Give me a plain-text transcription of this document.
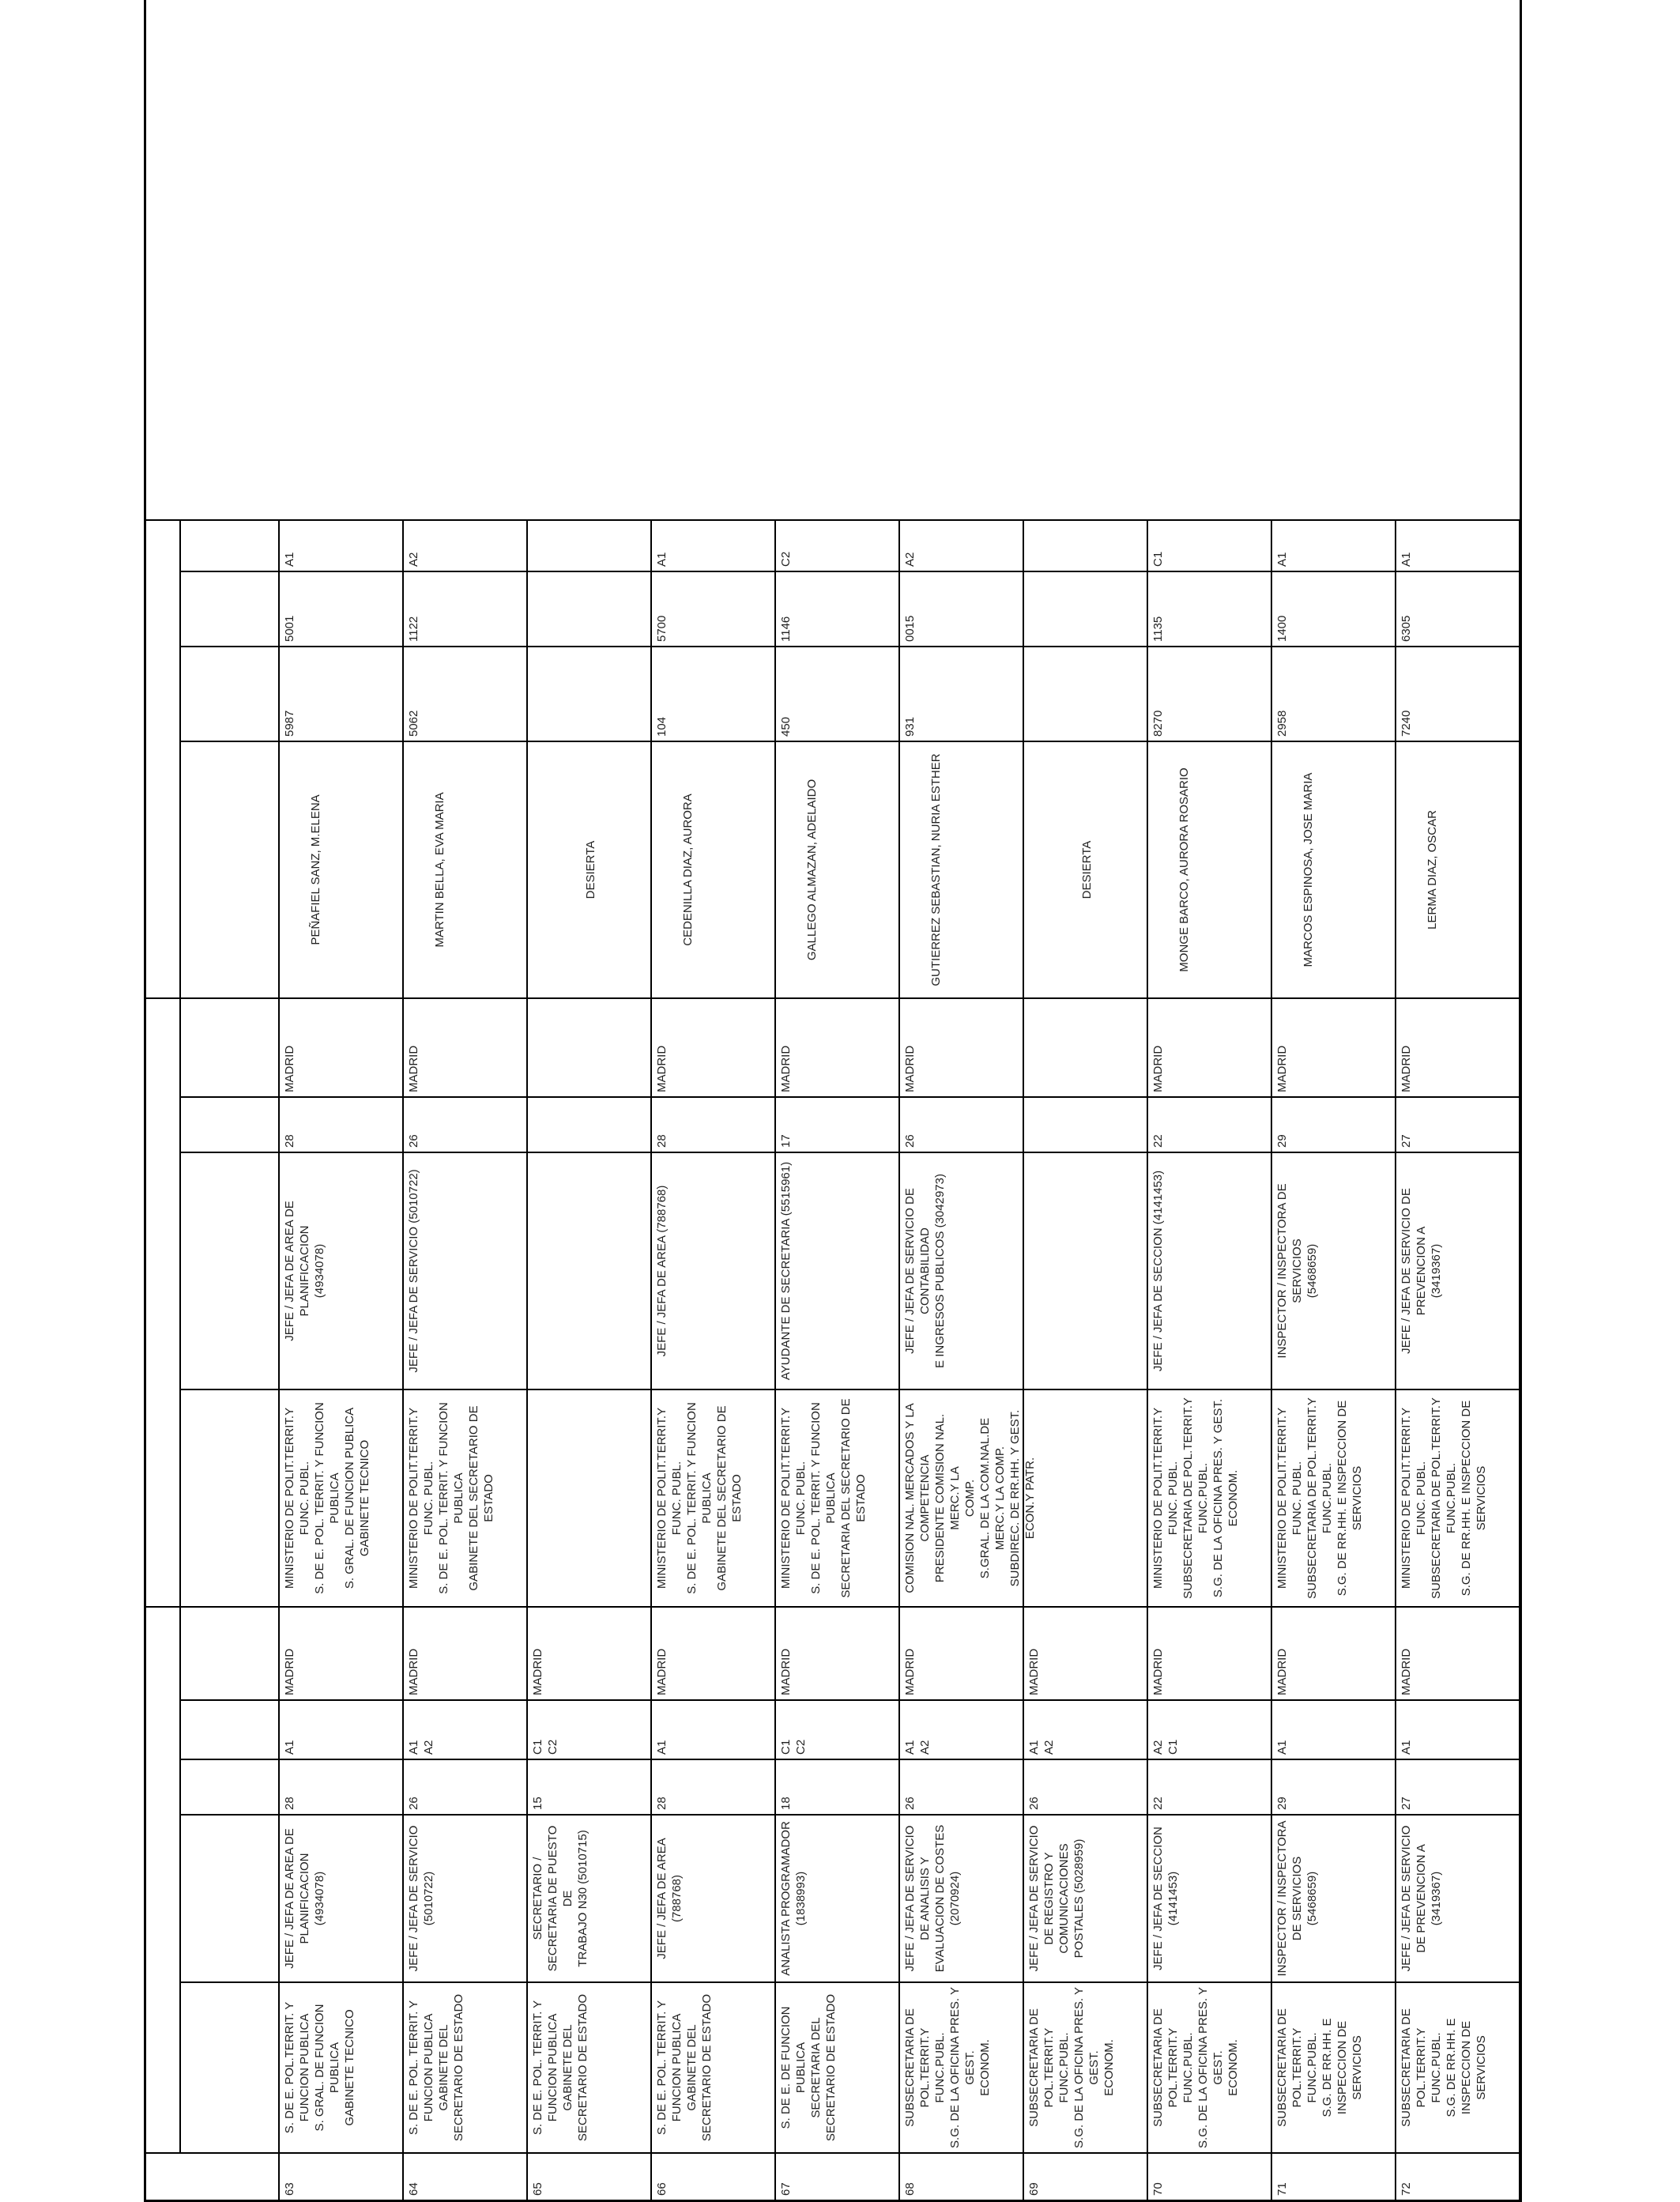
63
S. DE E. POL.TERRIT. Y FUNCION PUBLICA S. GRAL. DE FUNCION PUBLICA GABINETE TECNICO
JEFE / JEFA DE AREA DE PLANIFICACION (4934078)
28
A1
MADRID
MINISTERIO DE POLIT.TERRIT.Y FUNC. PUBL. S. DE E. POL. TERRIT. Y FUNCION PUBLICA S. GRAL. DE FUNCION PUBLICA GABINETE TECNICO
JEFE / JEFA DE AREA DE PLANIFICACION (4934078)
28
MADRID
PEÑAFIEL SANZ, M.ELENA
5987
5001
A1
64
S. DE E. POL. TERRIT. Y FUNCION PUBLICA GABINETE DEL SECRETARIO DE ESTADO
JEFE / JEFA DE SERVICIO (5010722)
26
A1 A2
MADRID
MINISTERIO DE POLIT.TERRIT.Y FUNC. PUBL. S. DE E. POL. TERRIT. Y FUNCION PUBLICA GABINETE DEL SECRETARIO DE ESTADO
JEFE / JEFA DE SERVICIO (5010722)
26
MADRID
MARTIN BELLA, EVA MARIA
5062
1122
A2
65
S. DE E. POL. TERRIT. Y FUNCION PUBLICA GABINETE DEL SECRETARIO DE ESTADO
SECRETARIO / SECRETARIA DE PUESTO DE TRABAJO N30 (5010715)
15
C1 C2
MADRID
DESIERTA
66
S. DE E. POL. TERRIT. Y FUNCION PUBLICA GABINETE DEL SECRETARIO DE ESTADO
JEFE / JEFA DE AREA (788768)
28
A1
MADRID
MINISTERIO DE POLIT.TERRIT.Y FUNC. PUBL. S. DE E. POL. TERRIT. Y FUNCION PUBLICA GABINETE DEL SECRETARIO DE ESTADO
JEFE / JEFA DE AREA (788768)
28
MADRID
CEDENILLA DIAZ, AURORA
104
5700
A1
67
S. DE E. DE FUNCION PUBLICA SECRETARIA DEL SECRETARIO DE ESTADO
ANALISTA PROGRAMADOR (1838993)
18
C1 C2
MADRID
MINISTERIO DE POLIT.TERRIT.Y FUNC. PUBL. S. DE E. POL. TERRIT. Y FUNCION PUBLICA SECRETARIA DEL SECRETARIO DE ESTADO
AYUDANTE DE SECRETARIA (5515961)
17
MADRID
GALLEGO ALMAZAN, ADELAIDO
450
1146
C2
68
SUBSECRETARIA DE POL.TERRIT.Y FUNC.PUBL. S.G. DE LA OFICINA PRES. Y GEST. ECONOM.
JEFE / JEFA DE SERVICIO DE ANALISIS Y EVALUACION DE COSTES (2070924)
26
A1 A2
MADRID
COMISION NAL. MERCADOS Y LA COMPETENCIA PRESIDENTE COMISION NAL. MERC.Y LA COMP. S.GRAL. DE LA COM.NAL.DE MERC.Y LA COMP. SUBDIREC. DE RR.HH. Y GEST. ECON.Y PATR.
JEFE / JEFA DE SERVICIO DE CONTABILIDAD E INGRESOS PUBLICOS (3042973)
26
MADRID
GUTIERREZ SEBASTIAN, NURIA ESTHER
931
0015
A2
69
SUBSECRETARIA DE POL.TERRIT.Y FUNC.PUBL. S.G. DE LA OFICINA PRES. Y GEST. ECONOM.
JEFE / JEFA DE SERVICIO DE REGISTRO Y COMUNICACIONES POSTALES (5028959)
26
A1 A2
MADRID
DESIERTA
70
SUBSECRETARIA DE POL.TERRIT.Y FUNC.PUBL. S.G. DE LA OFICINA PRES. Y GEST. ECONOM.
JEFE / JEFA DE SECCION (4141453)
22
A2 C1
MADRID
MINISTERIO DE POLIT.TERRIT.Y FUNC. PUBL. SUBSECRETARIA DE POL.TERRIT.Y FUNC.PUBL. S.G. DE LA OFICINA PRES. Y GEST. ECONOM.
JEFE / JEFA DE SECCION (4141453)
22
MADRID
MONGE BARCO, AURORA ROSARIO
8270
1135
C1
71
SUBSECRETARIA DE POL.TERRIT.Y FUNC.PUBL. S.G. DE RR.HH. E INSPECCION DE SERVICIOS
INSPECTOR / INSPECTORA DE SERVICIOS (5468659)
29
A1
MADRID
MINISTERIO DE POLIT.TERRIT.Y FUNC. PUBL. SUBSECRETARIA DE POL.TERRIT.Y FUNC.PUBL. S.G. DE RR.HH. E INSPECCION DE SERVICIOS
INSPECTOR / INSPECTORA DE SERVICIOS (5468659)
29
MADRID
MARCOS ESPINOSA, JOSE MARIA
2958
1400
A1
72
SUBSECRETARIA DE POL.TERRIT.Y FUNC.PUBL. S.G. DE RR.HH. E INSPECCION DE SERVICIOS
JEFE / JEFA DE SERVICIO DE PREVENCION A (3419367)
27
A1
MADRID
MINISTERIO DE POLIT.TERRIT.Y FUNC. PUBL. SUBSECRETARIA DE POL.TERRIT.Y FUNC.PUBL. S.G. DE RR.HH. E INSPECCION DE SERVICIOS
JEFE / JEFA DE SERVICIO DE PREVENCION A (3419367)
27
MADRID
LERMA DIAZ, OSCAR
7240
6305
A1
